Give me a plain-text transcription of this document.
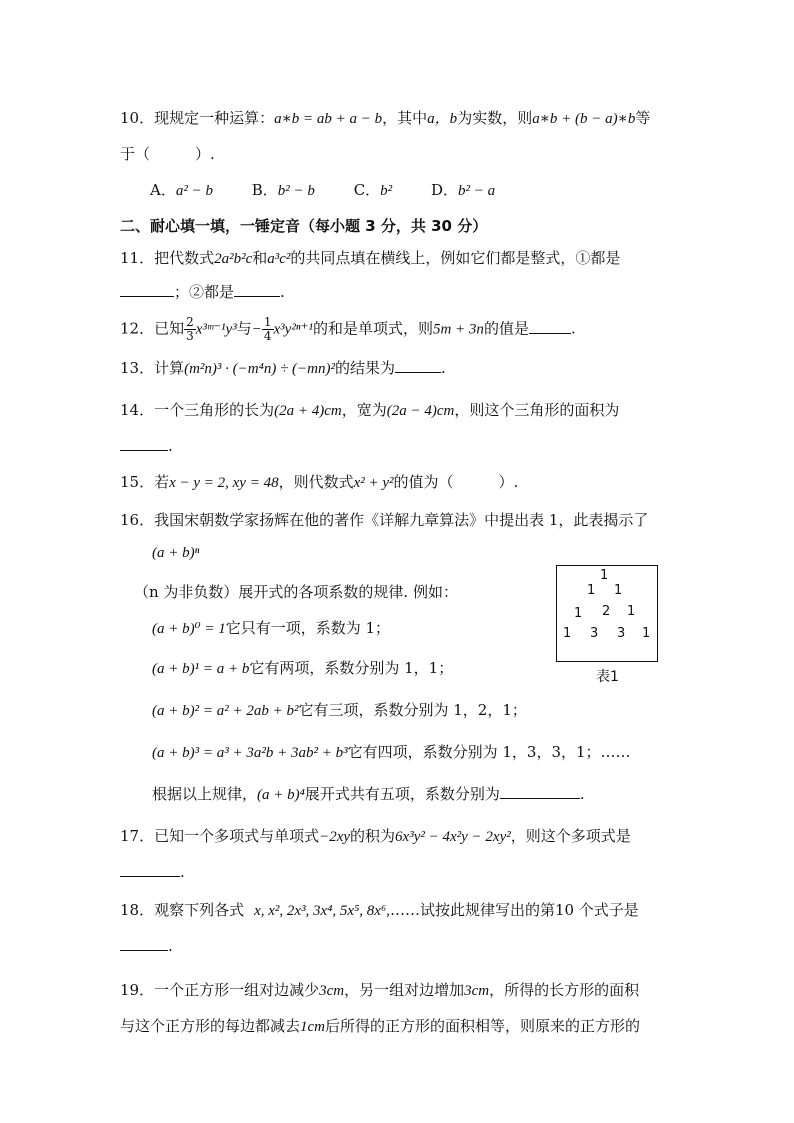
10．现规定一种运算：a∗b = ab + a − b，其中a，b为实数，则a∗b + (b − a)∗b等
于（　　　）.
A．a² − b	B．b² − b	C．b²	D．b² − a
二、耐心填一填，一锤定音（每小题 3 分，共 30 分）
11．把代数式2a²b²c和a³c²的共同点填在横线上，例如它们都是整式，①都是
；②都是	.
12．已知 $\frac{2}{3}$ x³ᵐ⁻¹y³与− $\frac{1}{4} x^3y^{2n+1}$的和是单项式，则5m + 3n的值是	.
13．计算(m²n)³ · (−m⁴n) ÷ (−mn)²的结果为	.
14．一个三角形的长为(2a + 4)cm，宽为(2a − 4)cm，则这个三角形的面积为
.
15．若x − y = 2, xy = 48，则代数式x² + y²的值为（　　　）.
16．我国宋朝数学家扬辉在他的著作《详解九章算法》中提出表 1，此表揭示了
(a + b)ⁿ
（n 为非负数）展开式的各项系数的规律. 例如：
(a + b)⁰ = 1它只有一项，系数为 1；
(a + b)¹ = a + b它有两项，系数分别为 1，1；
(a + b)² = a² + 2ab + b²它有三项，系数分别为 1，2，1；
(a + b)³ = a³ + 3a²b + 3ab² + b³它有四项，系数分别为 1，3，3，1；……
根据以上规律，(a + b)⁴展开式共有五项，系数分别为	.
1
1 1
1 2 1
1 3 3 1
表1
17．已知一个多项式与单项式−2xy的积为6x³y² − 4x²y − 2xy²，则这个多项式是
.
18．观察下列各式 x, x², 2x³, 3x⁴, 5x⁵, 8x⁶,……试按此规律写出的第10 个式子是
.
19．一个正方形一组对边减少3cm，另一组对边增加3cm，所得的长方形的面积
与这个正方形的每边都减去1cm后所得的正方形的面积相等，则原来的正方形的
